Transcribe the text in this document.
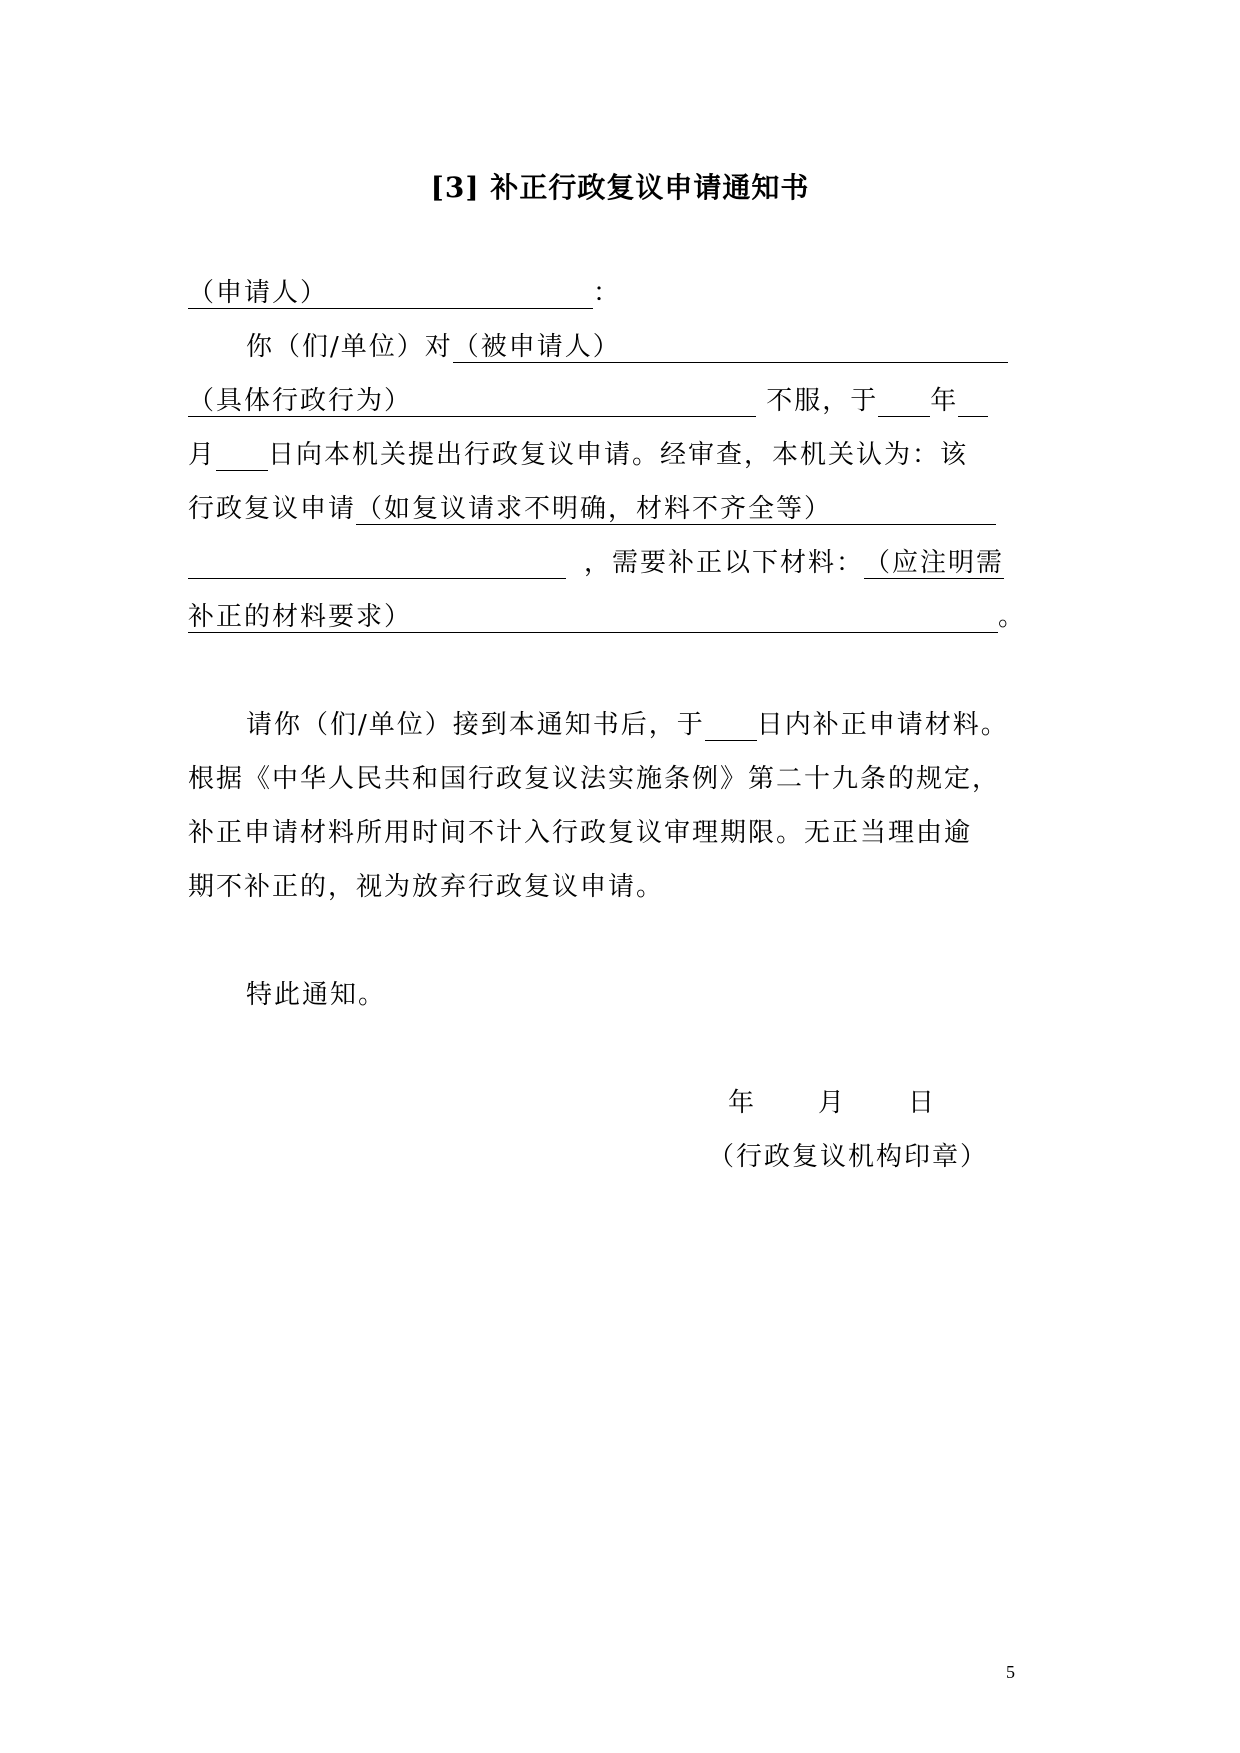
[3] 补正行政复议申请通知书
（申请人）	：
你（们/单位）对（被申请人）
（具体行政行为）	不服，于 年
月 日向本机关提出行政复议申请。经审查，本机关认为：该
行政复议申请（如复议请求不明确，材料不齐全等）
，需要补正以下材料：（应注明需
补正的材料要求）	。
请你（们/单位）接到本通知书后，于 日内补正申请材料。
根据《中华人民共和国行政复议法实施条例》第二十九条的规定，
补正申请材料所用时间不计入行政复议审理期限。无正当理由逾
期不补正的，视为放弃行政复议申请。
特此通知。
年 月 日
（行政复议机构印章）
5
